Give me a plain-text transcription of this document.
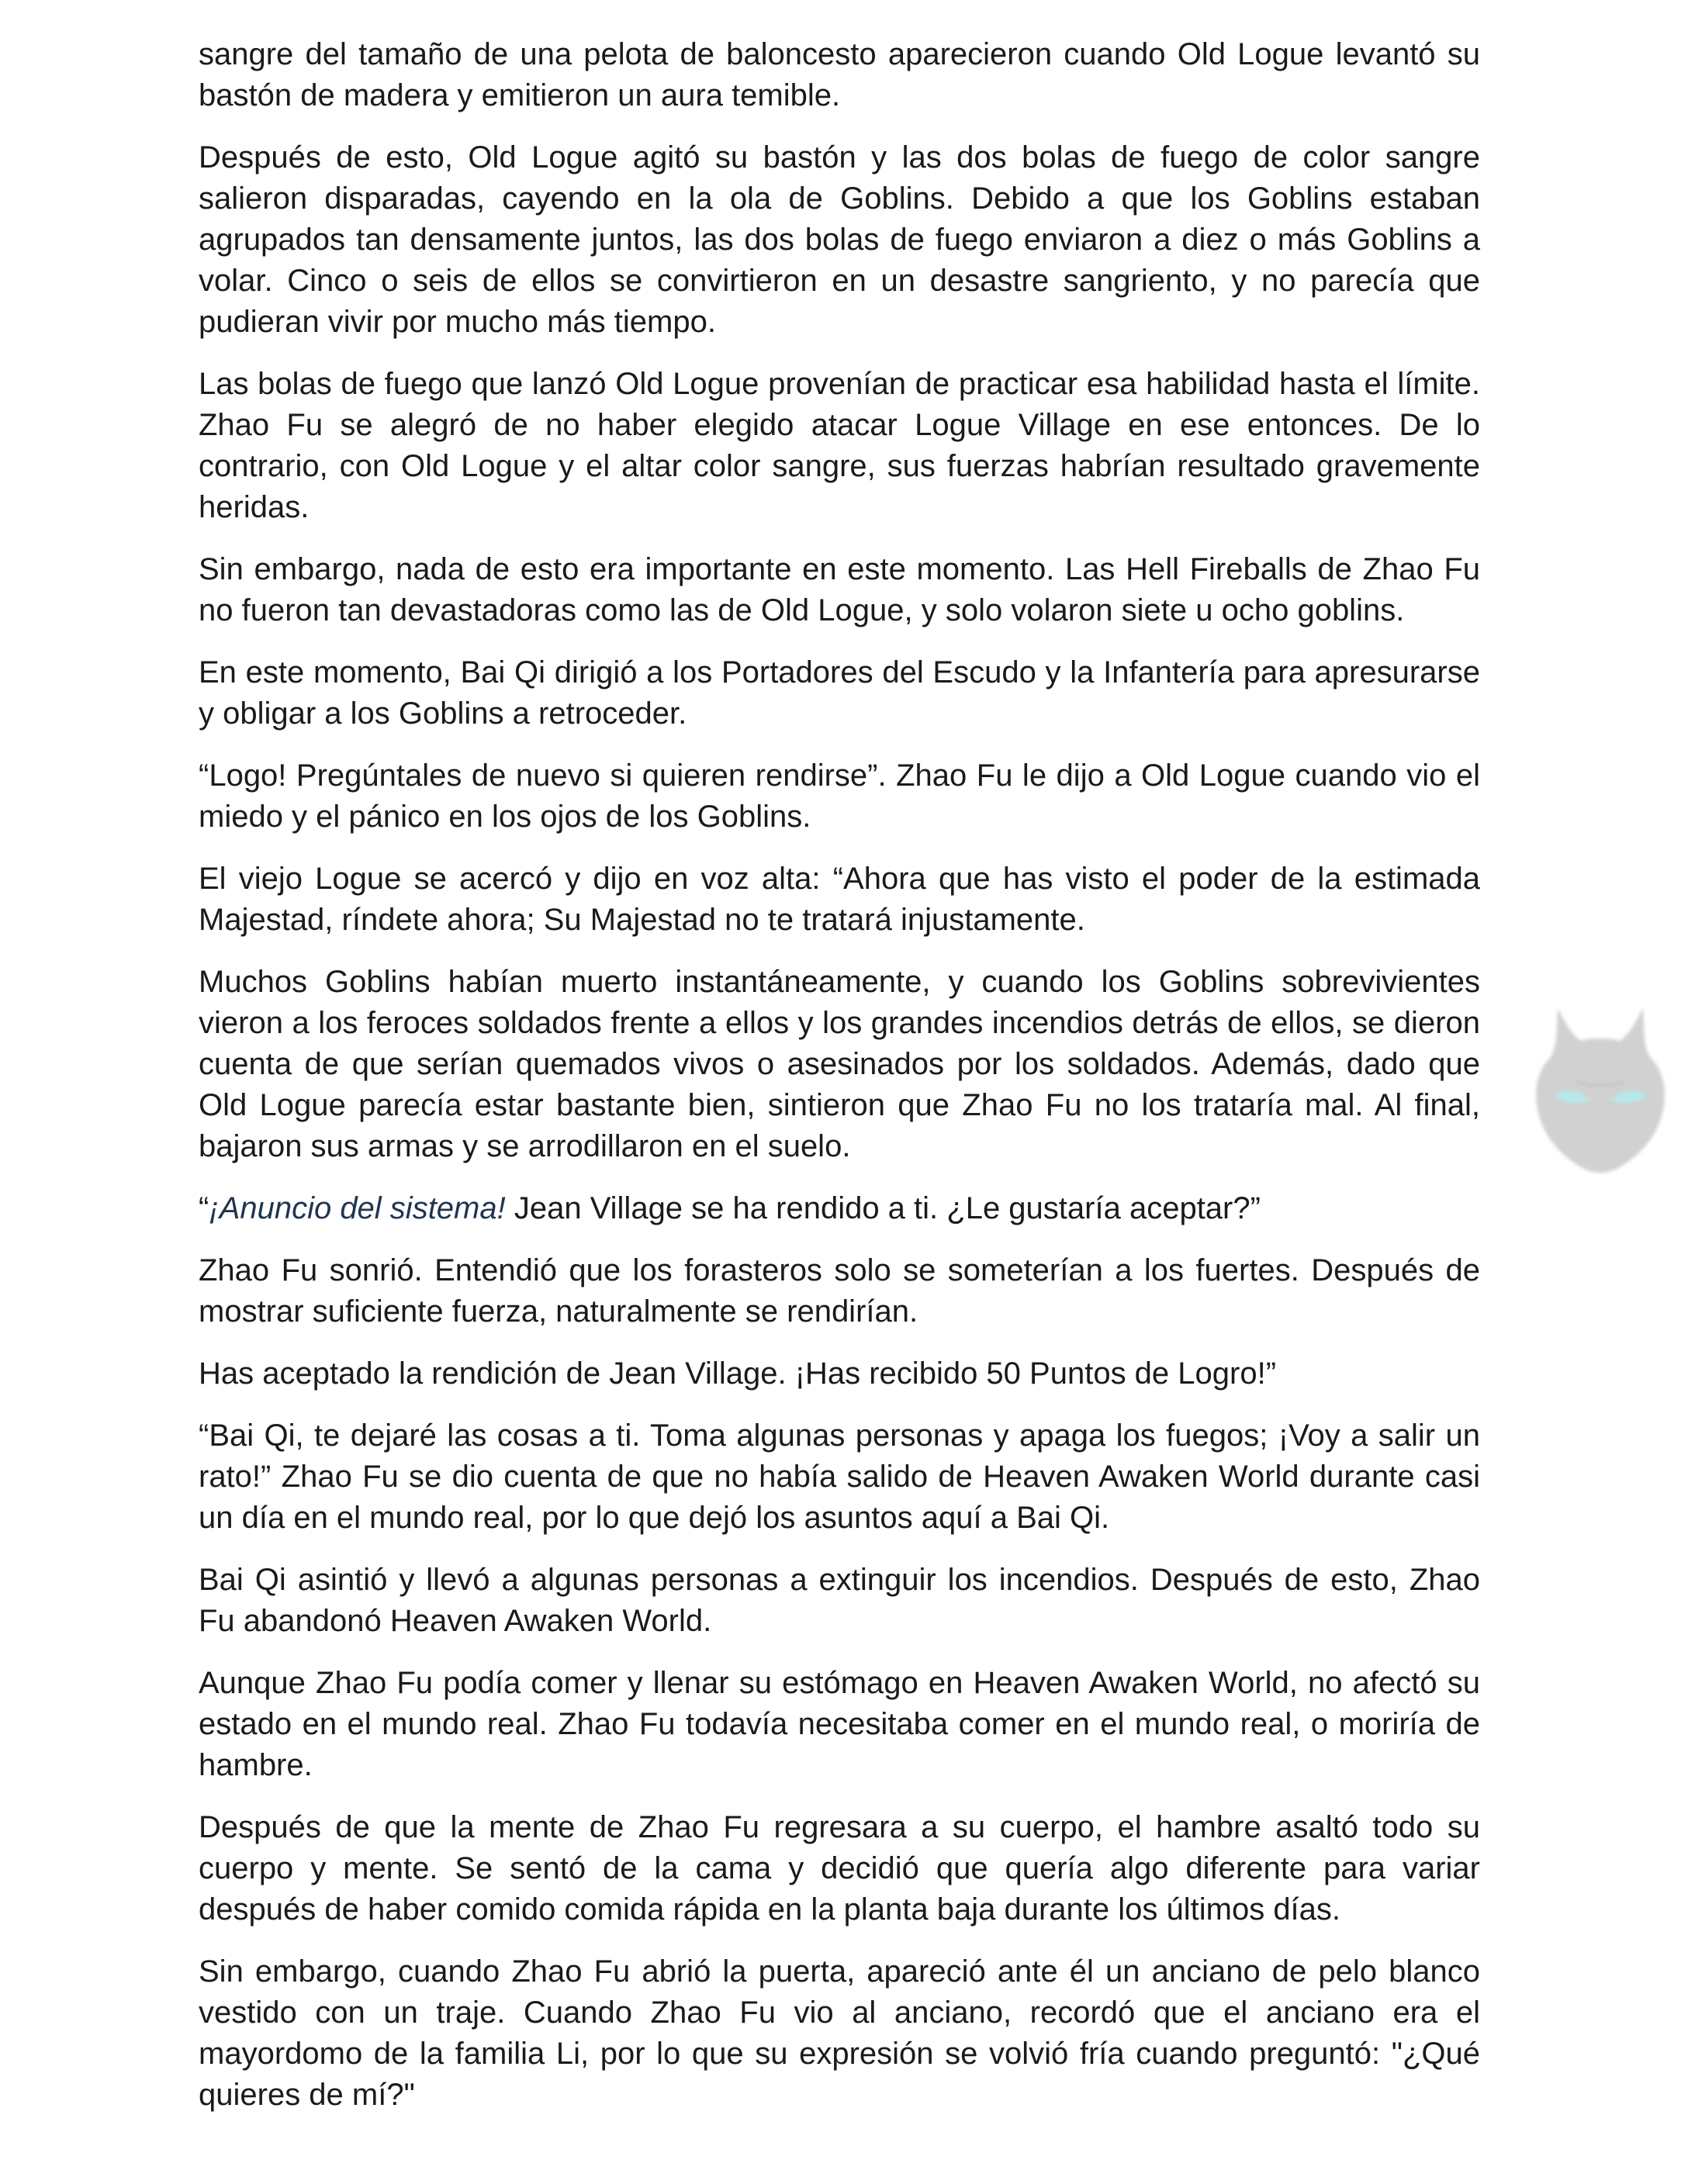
sangre del tamaño de una pelota de baloncesto aparecieron cuando Old Logue levantó su bastón de madera y emitieron un aura temible.

Después de esto, Old Logue agitó su bastón y las dos bolas de fuego de color sangre salieron disparadas, cayendo en la ola de Goblins. Debido a que los Goblins estaban agrupados tan densamente juntos, las dos bolas de fuego enviaron a diez o más Goblins a volar. Cinco o seis de ellos se convirtieron en un desastre sangriento, y no parecía que pudieran vivir por mucho más tiempo.

Las bolas de fuego que lanzó Old Logue provenían de practicar esa habilidad hasta el límite. Zhao Fu se alegró de no haber elegido atacar Logue Village en ese entonces. De lo contrario, con Old Logue y el altar color sangre, sus fuerzas habrían resultado gravemente heridas.

Sin embargo, nada de esto era importante en este momento. Las Hell Fireballs de Zhao Fu no fueron tan devastadoras como las de Old Logue, y solo volaron siete u ocho goblins.

En este momento, Bai Qi dirigió a los Portadores del Escudo y la Infantería para apresurarse y obligar a los Goblins a retroceder.

“Logo! Pregúntales de nuevo si quieren rendirse”. Zhao Fu le dijo a Old Logue cuando vio el miedo y el pánico en los ojos de los Goblins.

El viejo Logue se acercó y dijo en voz alta: “Ahora que has visto el poder de la estimada Majestad, ríndete ahora; Su Majestad no te tratará injustamente.

Muchos Goblins habían muerto instantáneamente, y cuando los Goblins sobrevivientes vieron a los feroces soldados frente a ellos y los grandes incendios detrás de ellos, se dieron cuenta de que serían quemados vivos o asesinados por los soldados. Además, dado que Old Logue parecía estar bastante bien, sintieron que Zhao Fu no los trataría mal. Al final, bajaron sus armas y se arrodillaron en el suelo.

“¡Anuncio del sistema! Jean Village se ha rendido a ti. ¿Le gustaría aceptar?”

Zhao Fu sonrió. Entendió que los forasteros solo se someterían a los fuertes. Después de mostrar suficiente fuerza, naturalmente se rendirían.

Has aceptado la rendición de Jean Village. ¡Has recibido 50 Puntos de Logro!”

“Bai Qi, te dejaré las cosas a ti. Toma algunas personas y apaga los fuegos; ¡Voy a salir un rato!” Zhao Fu se dio cuenta de que no había salido de Heaven Awaken World durante casi un día en el mundo real, por lo que dejó los asuntos aquí a Bai Qi.

Bai Qi asintió y llevó a algunas personas a extinguir los incendios. Después de esto, Zhao Fu abandonó Heaven Awaken World.

Aunque Zhao Fu podía comer y llenar su estómago en Heaven Awaken World, no afectó su estado en el mundo real. Zhao Fu todavía necesitaba comer en el mundo real, o moriría de hambre.

Después de que la mente de Zhao Fu regresara a su cuerpo, el hambre asaltó todo su cuerpo y mente. Se sentó de la cama y decidió que quería algo diferente para variar después de haber comido comida rápida en la planta baja durante los últimos días.

Sin embargo, cuando Zhao Fu abrió la puerta, apareció ante él un anciano de pelo blanco vestido con un traje. Cuando Zhao Fu vio al anciano, recordó que el anciano era el mayordomo de la familia Li, por lo que su expresión se volvió fría cuando preguntó: "¿Qué quieres de mí?"
